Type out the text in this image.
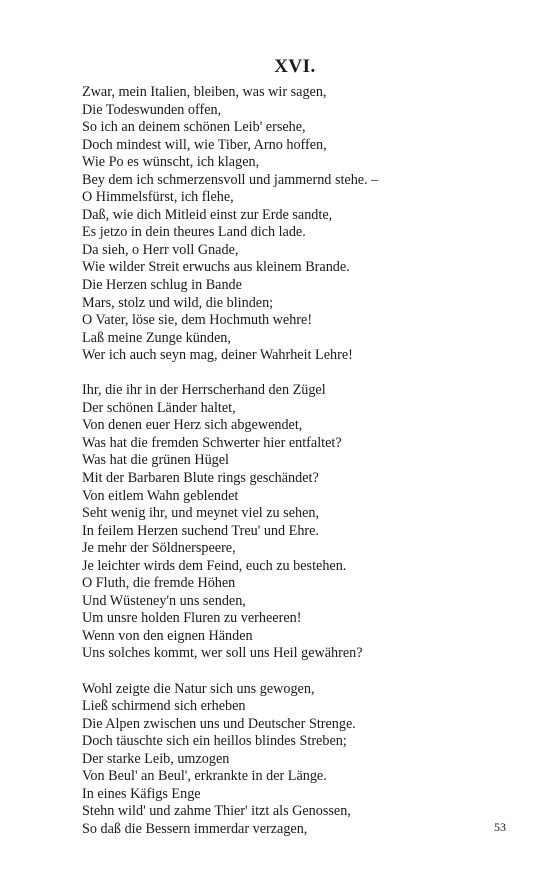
XVI.
Zwar, mein Italien, bleiben, was wir sagen,
Die Todeswunden offen,
So ich an deinem schönen Leib' ersehe,
Doch mindest will, wie Tiber, Arno hoffen,
Wie Po es wünscht, ich klagen,
Bey dem ich schmerzensvoll und jammernd stehe. –
O Himmelsfürst, ich flehe,
Daß, wie dich Mitleid einst zur Erde sandte,
Es jetzo in dein theures Land dich lade.
Da sieh, o Herr voll Gnade,
Wie wilder Streit erwuchs aus kleinem Brande.
Die Herzen schlug in Bande
Mars, stolz und wild, die blinden;
O Vater, löse sie, dem Hochmuth wehre!
Laß meine Zunge künden,
Wer ich auch seyn mag, deiner Wahrheit Lehre!
Ihr, die ihr in der Herrscherhand den Zügel
Der schönen Länder haltet,
Von denen euer Herz sich abgewendet,
Was hat die fremden Schwerter hier entfaltet?
Was hat die grünen Hügel
Mit der Barbaren Blute rings geschändet?
Von eitlem Wahn geblendet
Seht wenig ihr, und meynet viel zu sehen,
In feilem Herzen suchend Treu' und Ehre.
Je mehr der Söldnerspeere,
Je leichter wirds dem Feind, euch zu bestehen.
O Fluth, die fremde Höhen
Und Wüsteney'n uns senden,
Um unsre holden Fluren zu verheeren!
Wenn von den eignen Händen
Uns solches kommt, wer soll uns Heil gewähren?
Wohl zeigte die Natur sich uns gewogen,
Ließ schirmend sich erheben
Die Alpen zwischen uns und Deutscher Strenge.
Doch täuschte sich ein heillos blindes Streben;
Der starke Leib, umzogen
Von Beul' an Beul', erkrankte in der Länge.
In eines Käfigs Enge
Stehn wild' und zahme Thier' itzt als Genossen,
So daß die Bessern immerdar verzagen,	53
